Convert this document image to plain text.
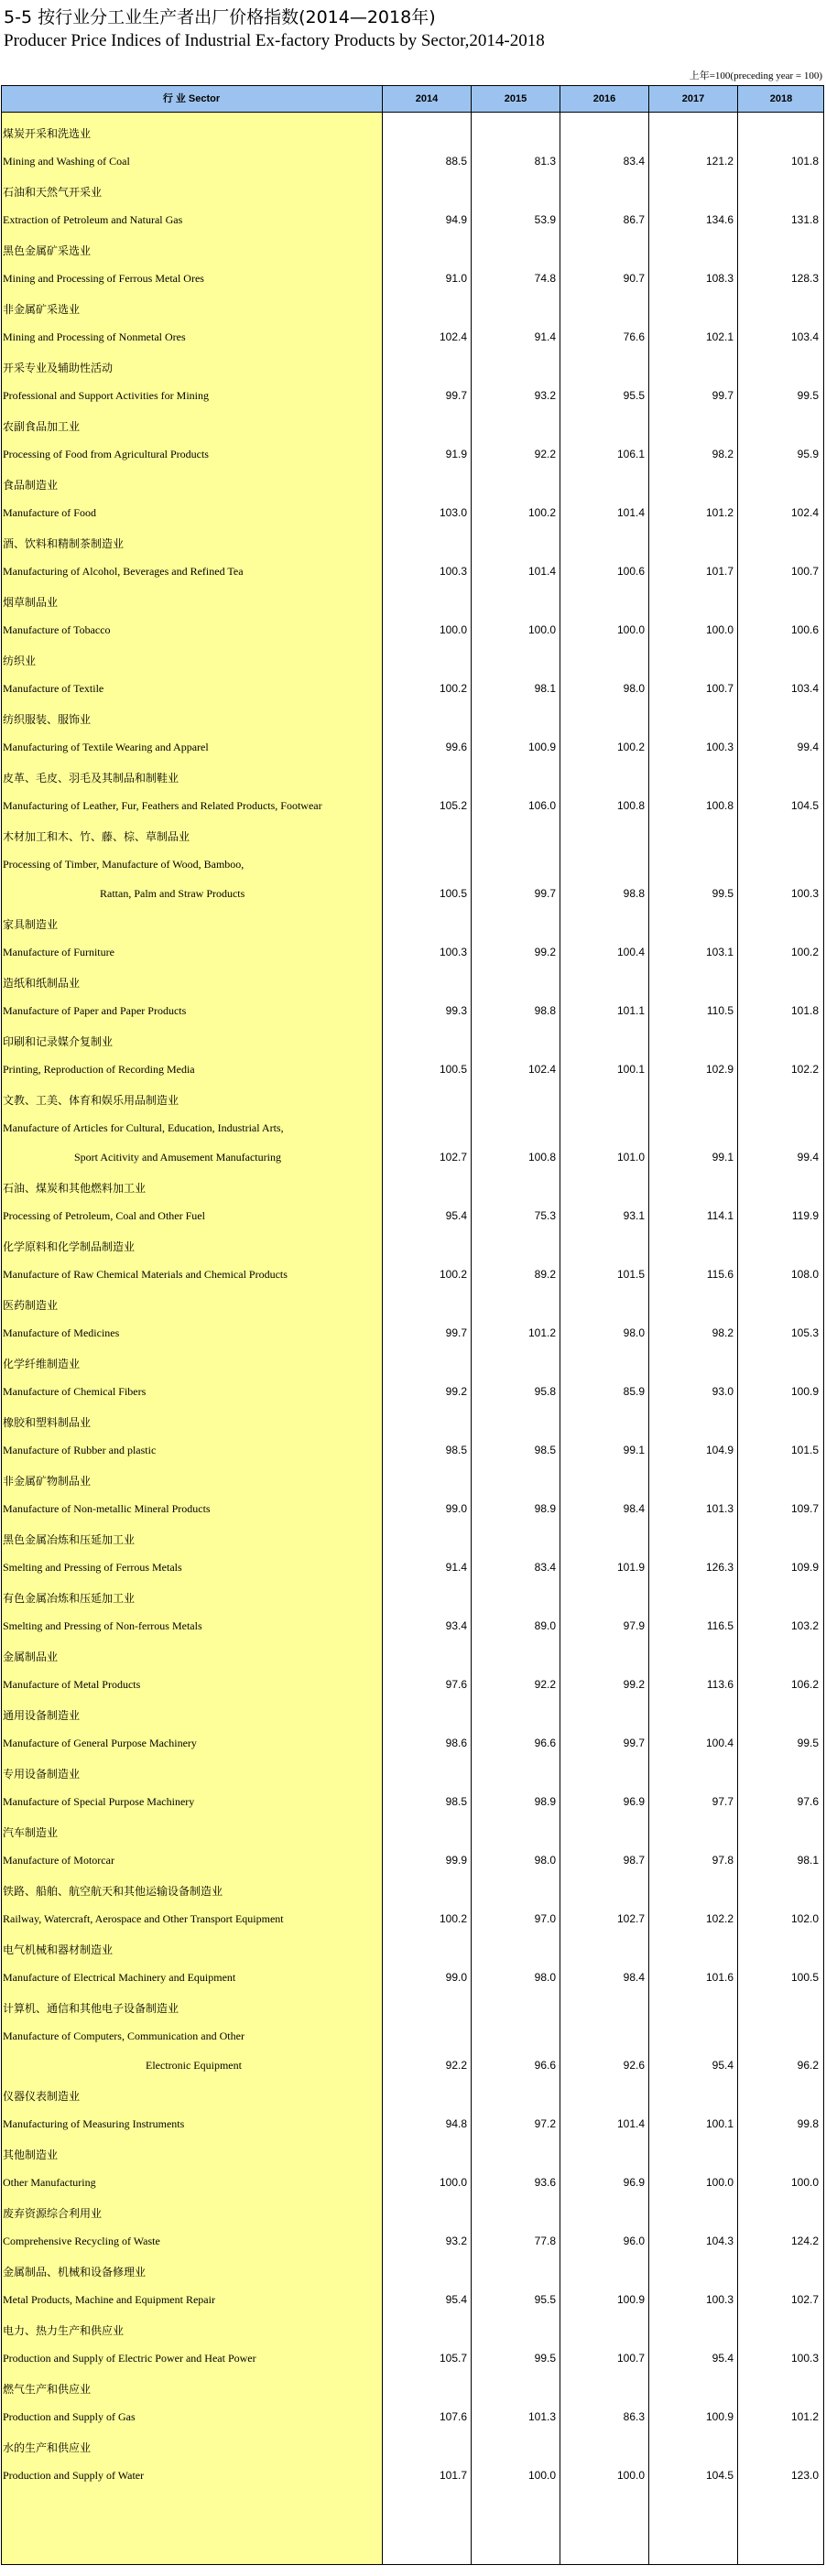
5-5 按行业分工业生产者出厂价格指数(2014—2018年)
Producer Price Indices of Industrial Ex-factory Products by Sector,2014-2018
上年=100(preceding year = 100)
行 业 Sector	2014	2015	2016	2017	2018
煤炭开采和洗选业
Mining and Washing of Coal	88.5	81.3	83.4	121.2	101.8
石油和天然气开采业
Extraction of Petroleum and Natural Gas	94.9	53.9	86.7	134.6	131.8
黑色金属矿采选业
Mining and Processing of Ferrous Metal Ores	91.0	74.8	90.7	108.3	128.3
非金属矿采选业
Mining and Processing of Nonmetal Ores	102.4	91.4	76.6	102.1	103.4
开采专业及辅助性活动
Professional and Support Activities for Mining	99.7	93.2	95.5	99.7	99.5
农副食品加工业
Processing of Food from Agricultural Products	91.9	92.2	106.1	98.2	95.9
食品制造业
Manufacture of Food	103.0	100.2	101.4	101.2	102.4
酒、饮料和精制茶制造业
Manufacturing of Alcohol, Beverages and Refined Tea	100.3	101.4	100.6	101.7	100.7
烟草制品业
Manufacture of Tobacco	100.0	100.0	100.0	100.0	100.6
纺织业
Manufacture of Textile	100.2	98.1	98.0	100.7	103.4
纺织服装、服饰业
Manufacturing of Textile Wearing and Apparel	99.6	100.9	100.2	100.3	99.4
皮革、毛皮、羽毛及其制品和制鞋业
Manufacturing of Leather, Fur, Feathers and Related Products, Footwear	105.2	106.0	100.8	100.8	104.5
木材加工和木、竹、藤、棕、草制品业
Processing of Timber, Manufacture of Wood, Bamboo,
Rattan, Palm and Straw Products	100.5	99.7	98.8	99.5	100.3
家具制造业
Manufacture of Furniture	100.3	99.2	100.4	103.1	100.2
造纸和纸制品业
Manufacture of Paper and Paper Products	99.3	98.8	101.1	110.5	101.8
印刷和记录媒介复制业
Printing, Reproduction of Recording Media	100.5	102.4	100.1	102.9	102.2
文教、工美、体育和娱乐用品制造业
Manufacture of Articles for Cultural, Education, Industrial Arts,
Sport Acitivity and Amusement Manufacturing	102.7	100.8	101.0	99.1	99.4
石油、煤炭和其他燃料加工业
Processing of Petroleum, Coal and Other Fuel	95.4	75.3	93.1	114.1	119.9
化学原料和化学制品制造业
Manufacture of Raw Chemical Materials and Chemical Products	100.2	89.2	101.5	115.6	108.0
医药制造业
Manufacture of Medicines	99.7	101.2	98.0	98.2	105.3
化学纤维制造业
Manufacture of Chemical Fibers	99.2	95.8	85.9	93.0	100.9
橡胶和塑料制品业
Manufacture of Rubber and plastic	98.5	98.5	99.1	104.9	101.5
非金属矿物制品业
Manufacture of Non-metallic Mineral Products	99.0	98.9	98.4	101.3	109.7
黑色金属冶炼和压延加工业
Smelting and Pressing of Ferrous Metals	91.4	83.4	101.9	126.3	109.9
有色金属冶炼和压延加工业
Smelting and Pressing of Non-ferrous Metals	93.4	89.0	97.9	116.5	103.2
金属制品业
Manufacture of Metal Products	97.6	92.2	99.2	113.6	106.2
通用设备制造业
Manufacture of General Purpose Machinery	98.6	96.6	99.7	100.4	99.5
专用设备制造业
Manufacture of Special Purpose Machinery	98.5	98.9	96.9	97.7	97.6
汽车制造业
Manufacture of Motorcar	99.9	98.0	98.7	97.8	98.1
铁路、船舶、航空航天和其他运输设备制造业
Railway, Watercraft, Aerospace and Other Transport Equipment	100.2	97.0	102.7	102.2	102.0
电气机械和器材制造业
Manufacture of Electrical Machinery and Equipment	99.0	98.0	98.4	101.6	100.5
计算机、通信和其他电子设备制造业
Manufacture of Computers, Communication and Other
Electronic Equipment	92.2	96.6	92.6	95.4	96.2
仪器仪表制造业
Manufacturing of Measuring Instruments	94.8	97.2	101.4	100.1	99.8
其他制造业
Other Manufacturing	100.0	93.6	96.9	100.0	100.0
废弃资源综合利用业
Comprehensive Recycling of Waste	93.2	77.8	96.0	104.3	124.2
金属制品、机械和设备修理业
Metal Products, Machine and Equipment Repair	95.4	95.5	100.9	100.3	102.7
电力、热力生产和供应业
Production and Supply of Electric Power and Heat Power	105.7	99.5	100.7	95.4	100.3
燃气生产和供应业
Production and Supply of Gas	107.6	101.3	86.3	100.9	101.2
水的生产和供应业
Production and Supply of Water	101.7	100.0	100.0	104.5	123.0
